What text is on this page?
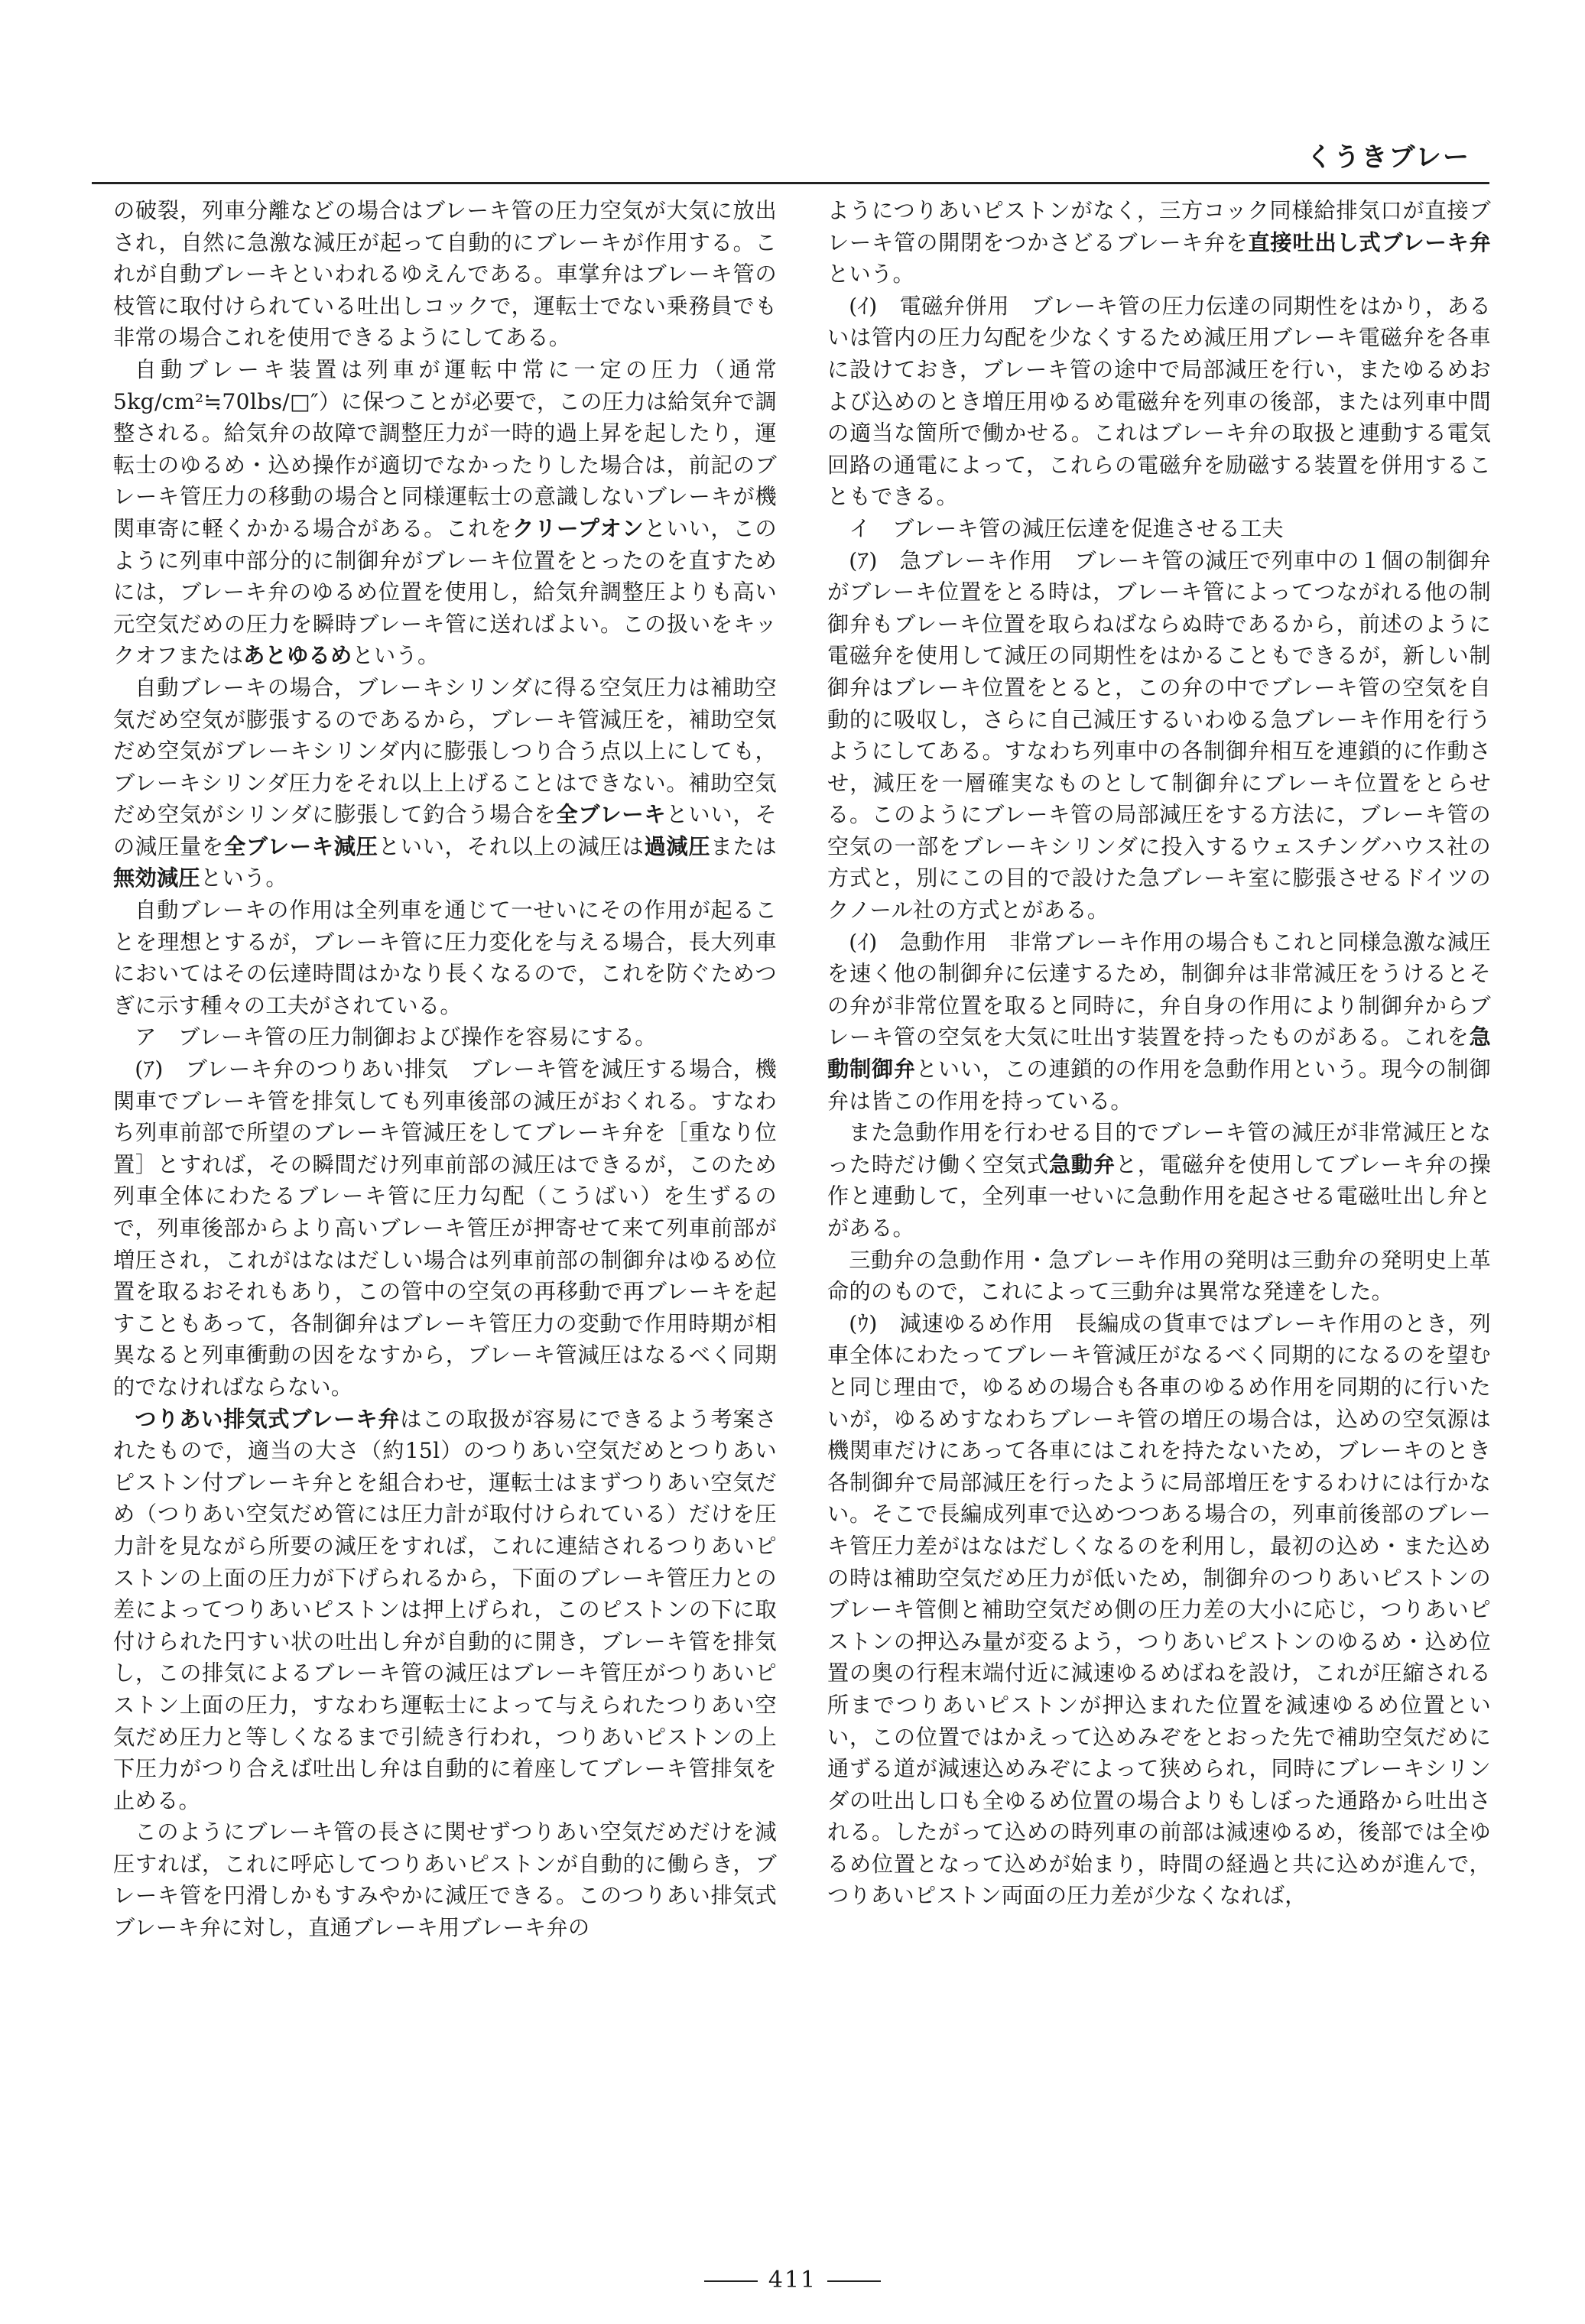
くうきブレー

の破裂，列車分離などの場合はブレーキ管の圧力空気が大気に放出され，自然に急激な減圧が起って自動的にブレーキが作用する。これが自動ブレーキといわれるゆえんである。車掌弁はブレーキ管の枝管に取付けられている吐出しコックで，運転士でない乗務員でも非常の場合これを使用できるようにしてある。

自動ブレーキ装置は列車が運転中常に一定の圧力（通常5kg/cm²≒70lbs/□″）に保つことが必要で，この圧力は給気弁で調整される。給気弁の故障で調整圧力が一時的過上昇を起したり，運転士のゆるめ・込め操作が適切でなかったりした場合は，前記のブレーキ管圧力の移動の場合と同様運転士の意識しないブレーキが機関車寄に軽くかかる場合がある。これをクリープオンといい，このように列車中部分的に制御弁がブレーキ位置をとったのを直すためには，ブレーキ弁のゆるめ位置を使用し，給気弁調整圧よりも高い元空気だめの圧力を瞬時ブレーキ管に送ればよい。この扱いをキックオフまたはあとゆるめという。

自動ブレーキの場合，ブレーキシリンダに得る空気圧力は補助空気だめ空気が膨張するのであるから，ブレーキ管減圧を，補助空気だめ空気がブレーキシリンダ内に膨張しつり合う点以上にしても，ブレーキシリンダ圧力をそれ以上上げることはできない。補助空気だめ空気がシリンダに膨張して釣合う場合を全ブレーキといい，その減圧量を全ブレーキ減圧といい，それ以上の減圧は過減圧または無効減圧という。

自動ブレーキの作用は全列車を通じて一せいにその作用が起ることを理想とするが，ブレーキ管に圧力変化を与える場合，長大列車においてはその伝達時間はかなり長くなるので，これを防ぐためつぎに示す種々の工夫がされている。

ア　ブレーキ管の圧力制御および操作を容易にする。

(ｱ)　ブレーキ弁のつりあい排気　ブレーキ管を減圧する場合，機関車でブレーキ管を排気しても列車後部の減圧がおくれる。すなわち列車前部で所望のブレーキ管減圧をしてブレーキ弁を［重なり位置］とすれば，その瞬間だけ列車前部の減圧はできるが，このため列車全体にわたるブレーキ管に圧力勾配（こうばい）を生ずるので，列車後部からより高いブレーキ管圧が押寄せて来て列車前部が増圧され，これがはなはだしい場合は列車前部の制御弁はゆるめ位置を取るおそれもあり，この管中の空気の再移動で再ブレーキを起すこともあって，各制御弁はブレーキ管圧力の変動で作用時期が相異なると列車衝動の因をなすから，ブレーキ管減圧はなるべく同期的でなければならない。

つりあい排気式ブレーキ弁はこの取扱が容易にできるよう考案されたもので，適当の大さ（約15l）のつりあい空気だめとつりあいピストン付ブレーキ弁とを組合わせ，運転士はまずつりあい空気だめ（つりあい空気だめ管には圧力計が取付けられている）だけを圧力計を見ながら所要の減圧をすれば，これに連結されるつりあいピストンの上面の圧力が下げられるから，下面のブレーキ管圧力との差によってつりあいピストンは押上げられ，このピストンの下に取付けられた円すい状の吐出し弁が自動的に開き，ブレーキ管を排気し，この排気によるブレーキ管の減圧はブレーキ管圧がつりあいピストン上面の圧力，すなわち運転士によって与えられたつりあい空気だめ圧力と等しくなるまで引続き行われ，つりあいピストンの上下圧力がつり合えば吐出し弁は自動的に着座してブレーキ管排気を止める。

このようにブレーキ管の長さに関せずつりあい空気だめだけを減圧すれば，これに呼応してつりあいピストンが自動的に働らき，ブレーキ管を円滑しかもすみやかに減圧できる。このつりあい排気式ブレーキ弁に対し，直通ブレーキ用ブレーキ弁の

ようにつりあいピストンがなく，三方コック同様給排気口が直接ブレーキ管の開閉をつかさどるブレーキ弁を直接吐出し式ブレーキ弁という。

(ｲ)　電磁弁併用　ブレーキ管の圧力伝達の同期性をはかり，あるいは管内の圧力勾配を少なくするため減圧用ブレーキ電磁弁を各車に設けておき，ブレーキ管の途中で局部減圧を行い，またゆるめおよび込めのとき増圧用ゆるめ電磁弁を列車の後部，または列車中間の適当な箇所で働かせる。これはブレーキ弁の取扱と連動する電気回路の通電によって，これらの電磁弁を励磁する装置を併用することもできる。

イ　ブレーキ管の減圧伝達を促進させる工夫

(ｱ)　急ブレーキ作用　ブレーキ管の減圧で列車中の１個の制御弁がブレーキ位置をとる時は，ブレーキ管によってつながれる他の制御弁もブレーキ位置を取らねばならぬ時であるから，前述のように電磁弁を使用して減圧の同期性をはかることもできるが，新しい制御弁はブレーキ位置をとると，この弁の中でブレーキ管の空気を自動的に吸収し，さらに自己減圧するいわゆる急ブレーキ作用を行うようにしてある。すなわち列車中の各制御弁相互を連鎖的に作動させ，減圧を一層確実なものとして制御弁にブレーキ位置をとらせる。このようにブレーキ管の局部減圧をする方法に，ブレーキ管の空気の一部をブレーキシリンダに投入するウェスチングハウス社の方式と，別にこの目的で設けた急ブレーキ室に膨張させるドイツのクノール社の方式とがある。

(ｲ)　急動作用　非常ブレーキ作用の場合もこれと同様急激な減圧を速く他の制御弁に伝達するため，制御弁は非常減圧をうけるとその弁が非常位置を取ると同時に，弁自身の作用により制御弁からブレーキ管の空気を大気に吐出す装置を持ったものがある。これを急動制御弁といい，この連鎖的の作用を急動作用という。現今の制御弁は皆この作用を持っている。

また急動作用を行わせる目的でブレーキ管の減圧が非常減圧となった時だけ働く空気式急動弁と，電磁弁を使用してブレーキ弁の操作と連動して，全列車一せいに急動作用を起させる電磁吐出し弁とがある。

三動弁の急動作用・急ブレーキ作用の発明は三動弁の発明史上革命的のもので，これによって三動弁は異常な発達をした。

(ｳ)　減速ゆるめ作用　長編成の貨車ではブレーキ作用のとき，列車全体にわたってブレーキ管減圧がなるべく同期的になるのを望むと同じ理由で，ゆるめの場合も各車のゆるめ作用を同期的に行いたいが，ゆるめすなわちブレーキ管の増圧の場合は，込めの空気源は機関車だけにあって各車にはこれを持たないため，ブレーキのとき各制御弁で局部減圧を行ったように局部増圧をするわけには行かない。そこで長編成列車で込めつつある場合の，列車前後部のブレーキ管圧力差がはなはだしくなるのを利用し，最初の込め・また込めの時は補助空気だめ圧力が低いため，制御弁のつりあいピストンのブレーキ管側と補助空気だめ側の圧力差の大小に応じ，つりあいピストンの押込み量が変るよう，つりあいピストンのゆるめ・込め位置の奥の行程末端付近に減速ゆるめばねを設け，これが圧縮される所までつりあいピストンが押込まれた位置を減速ゆるめ位置といい，この位置ではかえって込めみぞをとおった先で補助空気だめに通ずる道が減速込めみぞによって狭められ，同時にブレーキシリンダの吐出し口も全ゆるめ位置の場合よりもしぼった通路から吐出される。したがって込めの時列車の前部は減速ゆるめ，後部では全ゆるめ位置となって込めが始まり，時間の経過と共に込めが進んで，つりあいピストン両面の圧力差が少なくなれば，

411
